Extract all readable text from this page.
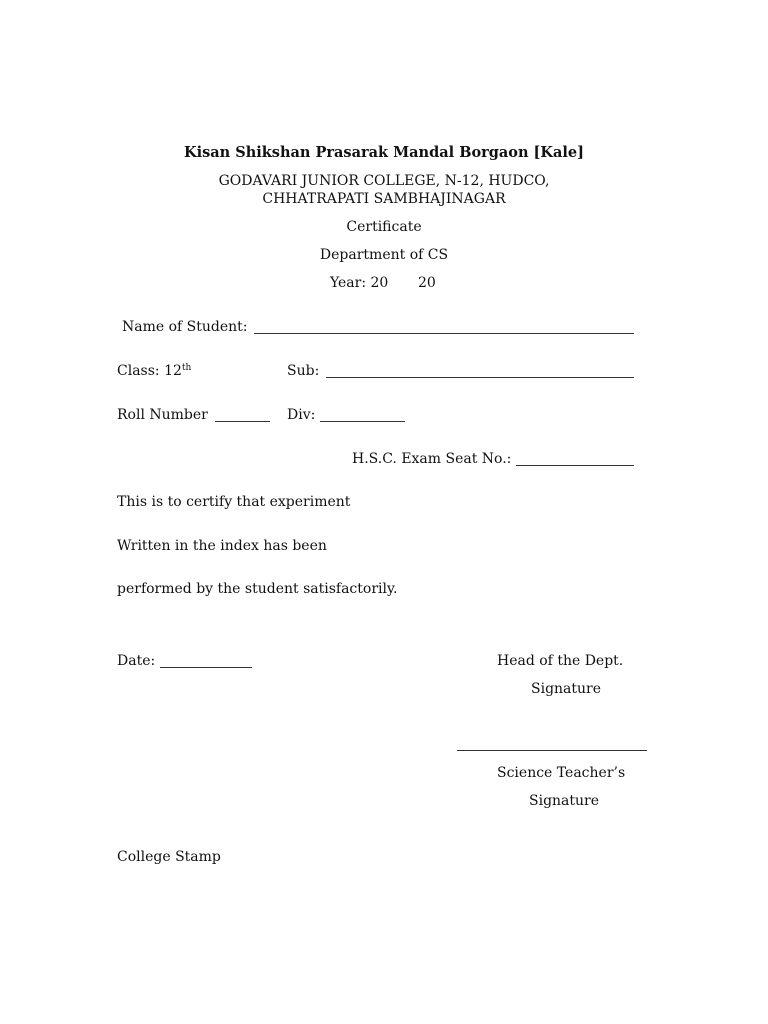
Kisan Shikshan Prasarak Mandal Borgaon [Kale]
GODAVARI JUNIOR COLLEGE, N-12, HUDCO,
CHHATRAPATI SAMBHAJINAGAR
Certificate
Department of CS
Year: 20 20
Name of Student:
Class: 12th	Sub:
Roll Number	Div:
H.S.C. Exam Seat No.:
This is to certify that experiment
Written in the index has been
performed by the student satisfactorily.
Date:	Head of the Dept.
Signature
Science Teacher’s
Signature
College Stamp
